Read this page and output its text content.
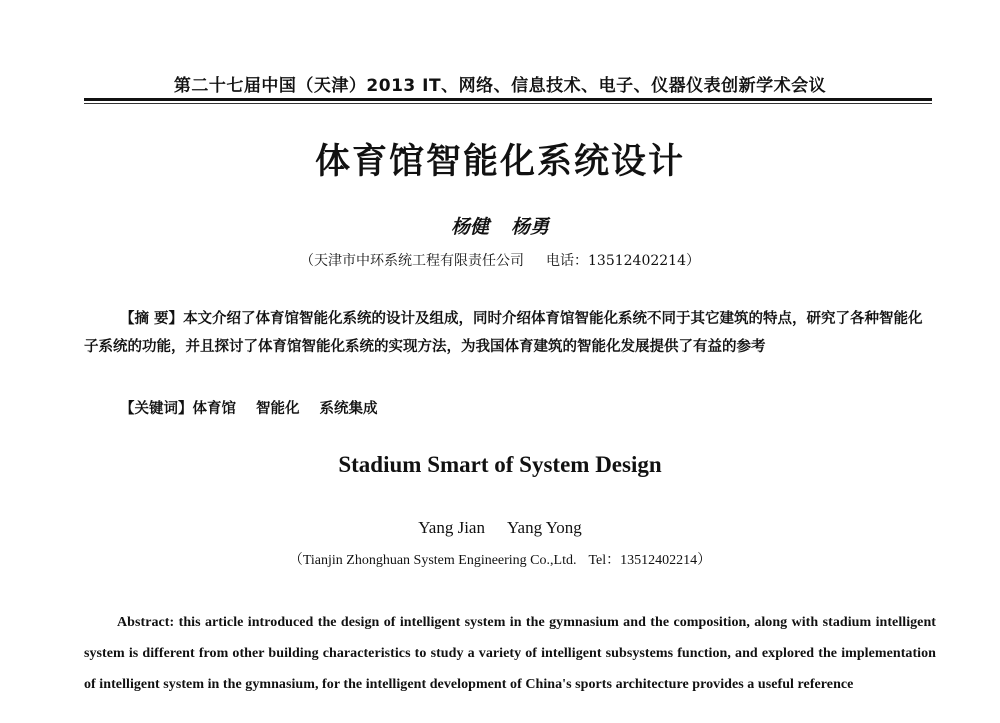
第二十七届中国（天津）2013 IT、网络、信息技术、电子、仪器仪表创新学术会议
体育馆智能化系统设计
杨健 杨勇
（天津市中环系统工程有限责任公司 电话：13512402214）
【摘 要】本文介绍了体育馆智能化系统的设计及组成，同时介绍体育馆智能化系统不同于其它建筑的特点，研究了各种智能化子系统的功能，并且探讨了体育馆智能化系统的实现方法，为我国体育建筑的智能化发展提供了有益的参考
【关键词】体育馆 智能化 系统集成
Stadium Smart of System Design
Yang Jian Yang Yong
（Tianjin Zhonghuan System Engineering Co.,Ltd. Tel：13512402214）
Abstract: this article introduced the design of intelligent system in the gymnasium and the composition, along with stadium intelligent system is different from other building characteristics to study a variety of intelligent subsystems function, and explored the implementation of intelligent system in the gymnasium, for the intelligent development of China's sports architecture provides a useful reference
